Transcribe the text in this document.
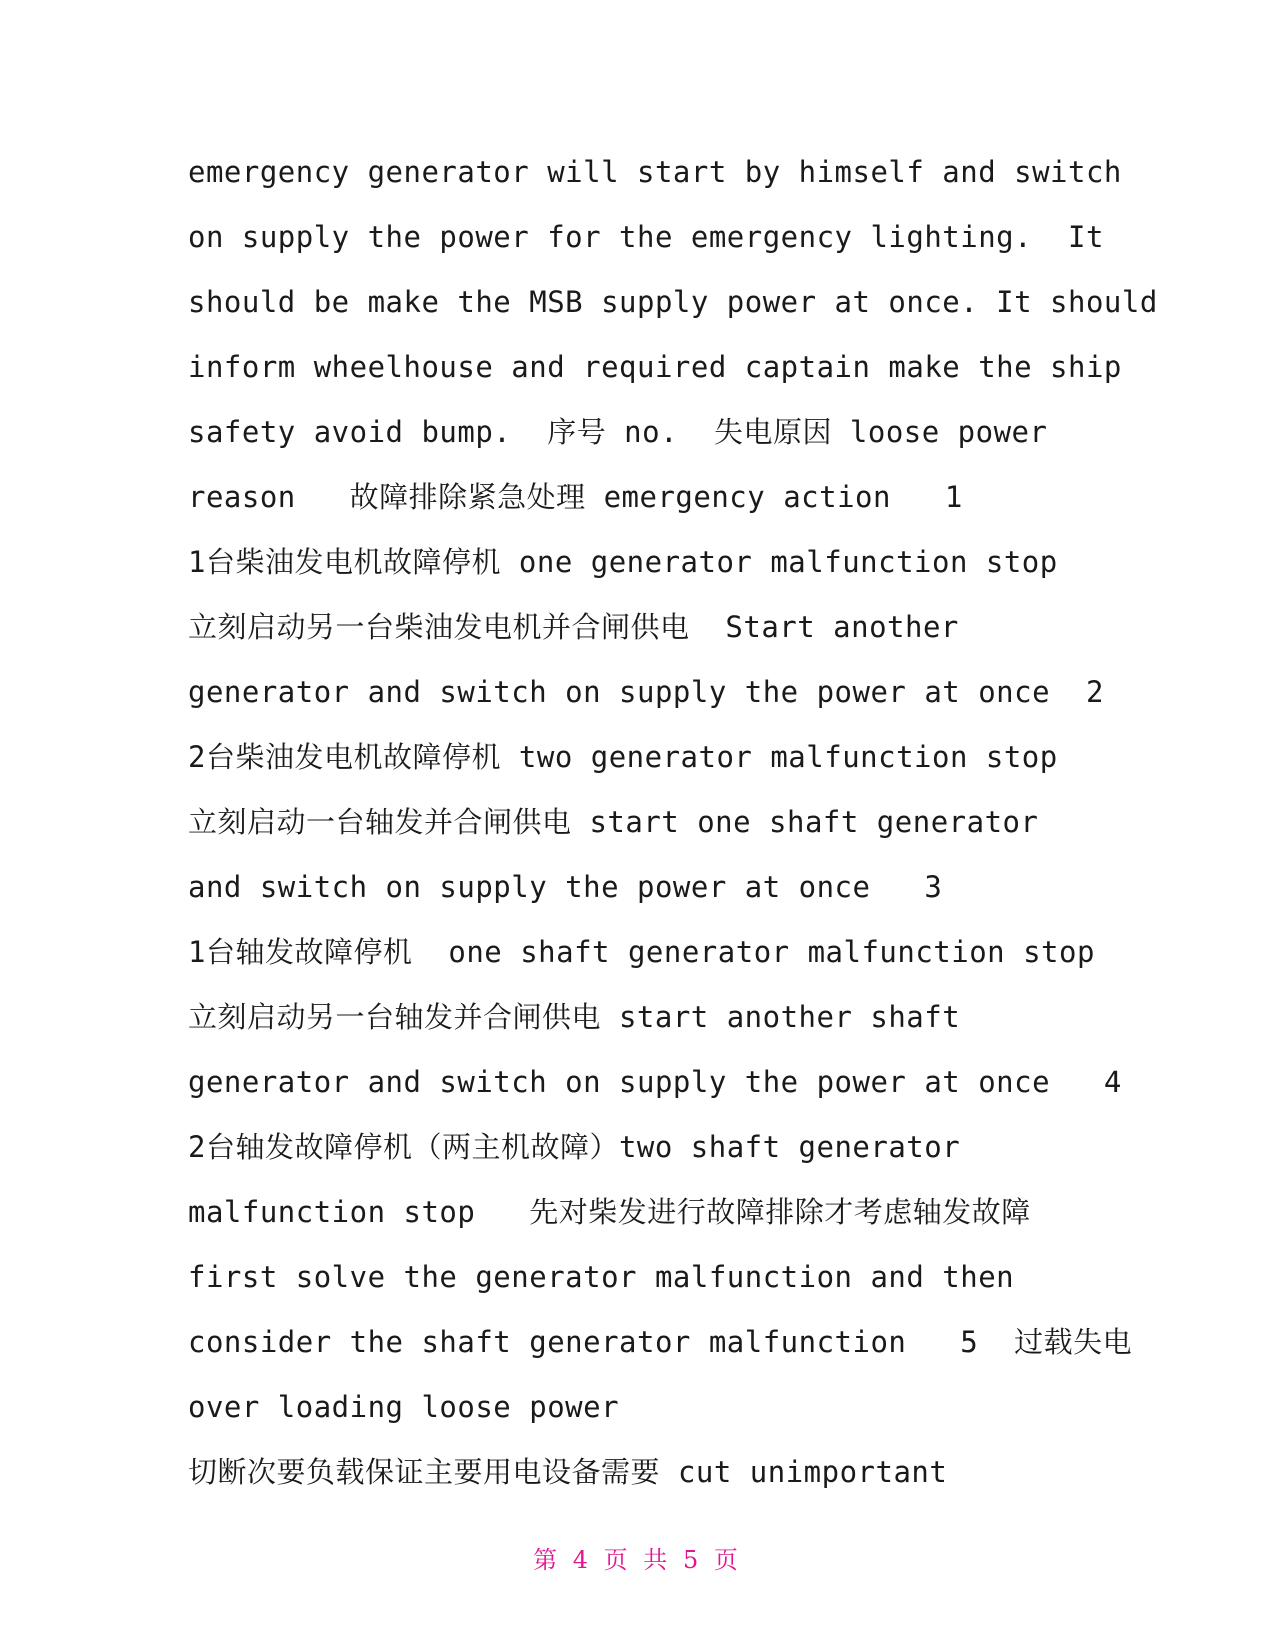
emergency generator will start by himself and switch
on supply the power for the emergency lighting.  It
should be make the MSB supply power at once. It should
inform wheelhouse and required captain make the ship
safety avoid bump.  序号 no.  失电原因 loose power
reason   故障排除紧急处理 emergency action   1
1台柴油发电机故障停机 one generator malfunction stop
立刻启动另一台柴油发电机并合闸供电  Start another
generator and switch on supply the power at once  2
2台柴油发电机故障停机 two generator malfunction stop
立刻启动一台轴发并合闸供电 start one shaft generator
and switch on supply the power at once   3
1台轴发故障停机  one shaft generator malfunction stop
立刻启动另一台轴发并合闸供电 start another shaft
generator and switch on supply the power at once   4
2台轴发故障停机（两主机故障）two shaft generator
malfunction stop   先对柴发进行故障排除才考虑轴发故障
first solve the generator malfunction and then
consider the shaft generator malfunction   5  过载失电
over loading loose power
切断次要负载保证主要用电设备需要 cut unimportant
第 4 页 共 5 页
